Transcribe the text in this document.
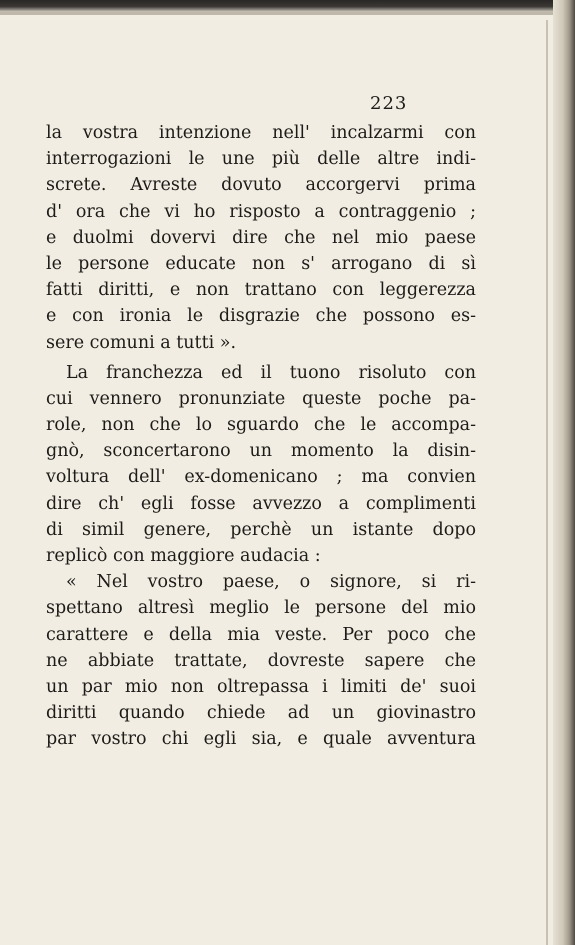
223

la vostra intenzione nell' incalzarmi con
interrogazioni le une più delle altre indi-
screte. Avreste dovuto accorgervi prima
d' ora che vi ho risposto a contraggenio ;
e duolmi dovervi dire che nel mio paese
le persone educate non s' arrogano di sì
fatti diritti, e non trattano con leggerezza
e con ironia le disgrazie che possono es-
sere comuni a tutti ».
La franchezza ed il tuono risoluto con
cui vennero pronunziate queste poche pa-
role, non che lo sguardo che le accompa-
gnò, sconcertarono un momento la disin-
voltura dell' ex-domenicano ; ma convien
dire ch' egli fosse avvezzo a complimenti
di simil genere, perchè un istante dopo
replicò con maggiore audacia :
« Nel vostro paese, o signore, si ri-
spettano altresì meglio le persone del mio
carattere e della mia veste. Per poco che
ne abbiate trattate, dovreste sapere che
un par mio non oltrepassa i limiti de' suoi
diritti quando chiede ad un giovinastro
par vostro chi egli sia, e quale avventura
